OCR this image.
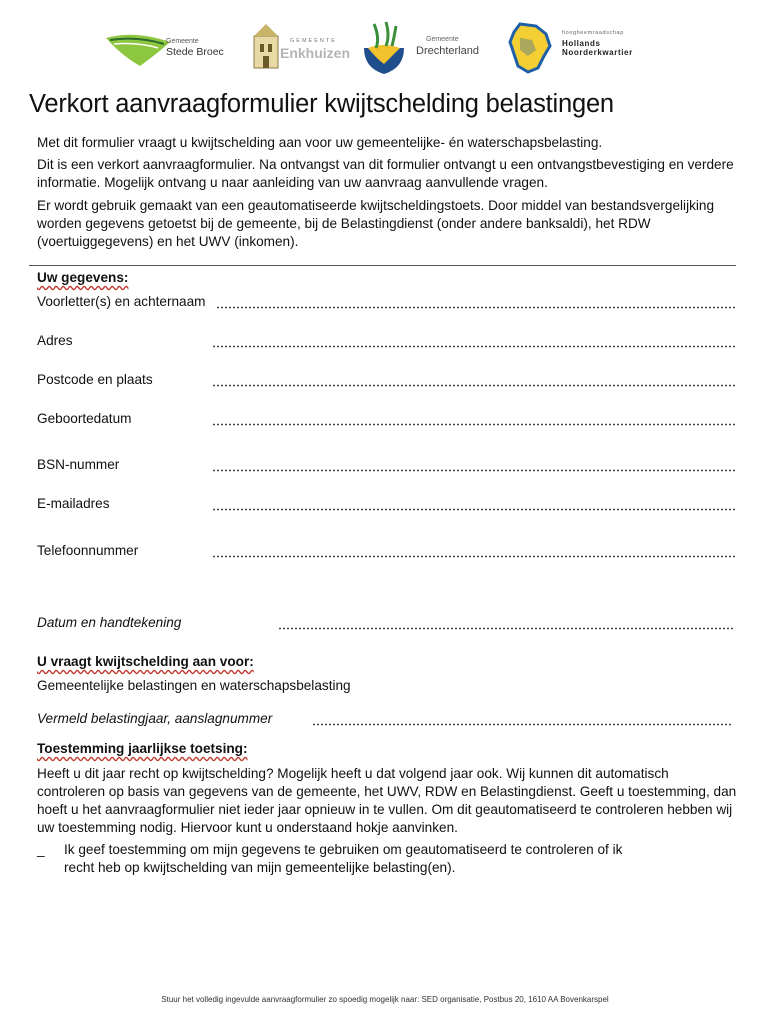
Gemeente
Stede Broec
GEMEENTE
Enkhuizen
Gemeente
Drechterland
hoogheemraadschap
Hollands
Noorderkwartier
Verkort aanvraagformulier kwijtschelding belastingen

Met dit formulier vraagt u kwijtschelding aan voor uw gemeentelijke- én waterschapsbelasting.

Dit is een verkort aanvraagformulier. Na ontvangst van dit formulier ontvangt u een ontvangstbevestiging en verdere informatie. Mogelijk ontvang u naar aanleiding van uw aanvraag aanvullende vragen.

Er wordt gebruik gemaakt van een geautomatiseerde kwijtscheldingstoets. Door middel van bestandsvergelijking worden gegevens getoetst bij de gemeente, bij de Belastingdienst (onder andere banksaldi), het RDW (voertuiggegevens) en het UWV (inkomen).

Uw gegevens:
Voorletter(s) en achternaam
Adres
Postcode en plaats
Geboortedatum
BSN-nummer
E-mailadres
Telefoonnummer
Datum en handtekening
U vraagt kwijtschelding aan voor:
Gemeentelijke belastingen en waterschapsbelasting
Vermeld belastingjaar, aanslagnummer
Toestemming jaarlijkse toetsing:

Heeft u dit jaar recht op kwijtschelding? Mogelijk heeft u dat volgend jaar ook. Wij kunnen dit automatisch controleren op basis van gegevens van de gemeente, het UWV, RDW en Belastingdienst. Geeft u toestemming, dan hoeft u het aanvraagformulier niet ieder jaar opnieuw in te vullen. Om dit geautomatiseerd te controleren hebben wij uw toestemming nodig. Hiervoor kunt u onderstaand hokje aanvinken.

_ Ik geef toestemming om mijn gegevens te gebruiken om geautomatiseerd te controleren of ik recht heb op kwijtschelding van mijn gemeentelijke belasting(en).

Stuur het volledig ingevulde aanvraagformulier zo spoedig mogelijk naar: SED organisatie, Postbus 20, 1610 AA Bovenkarspel
